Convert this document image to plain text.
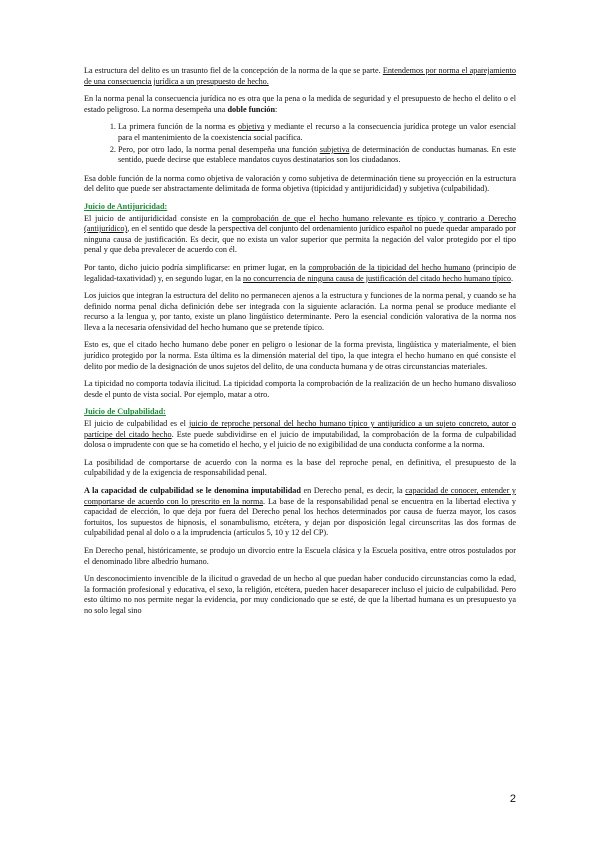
La estructura del delito es un trasunto fiel de la concepción de la norma de la que se parte. Entendemos por norma el aparejamiento de una consecuencia jurídica a un presupuesto de hecho.

En la norma penal la consecuencia jurídica no es otra que la pena o la medida de seguridad y el presupuesto de hecho el delito o el estado peligroso. La norma desempeña una doble función:

1. La primera función de la norma es objetiva y mediante el recurso a la consecuencia jurídica protege un valor esencial para el mantenimiento de la coexistencia social pacífica.
2. Pero, por otro lado, la norma penal desempeña una función subjetiva de determinación de conductas humanas. En este sentido, puede decirse que establece mandatos cuyos destinatarios son los ciudadanos.

Esa doble función de la norma como objetiva de valoración y como subjetiva de determinación tiene su proyección en la estructura del delito que puede ser abstractamente delimitada de forma objetiva (tipicidad y antijuridicidad) y subjetiva (culpabilidad).

Juicio de Antijuricidad:

El juicio de antijuridicidad consiste en la comprobación de que el hecho humano relevante es típico y contrario a Derecho (antijurídico), en el sentido que desde la perspectiva del conjunto del ordenamiento jurídico español no puede quedar amparado por ninguna causa de justificación. Es decir, que no exista un valor superior que permita la negación del valor protegido por el tipo penal y que deba prevalecer de acuerdo con él.

Por tanto, dicho juicio podría simplificarse: en primer lugar, en la comprobación de la tipicidad del hecho humano (principio de legalidad-taxatividad) y, en segundo lugar, en la no concurrencia de ninguna causa de justificación del citado hecho humano típico.

Los juicios que integran la estructura del delito no permanecen ajenos a la estructura y funciones de la norma penal, y cuando se ha definido norma penal dicha definición debe ser integrada con la siguiente aclaración. La norma penal se produce mediante el recurso a la lengua y, por tanto, existe un plano lingüístico determinante. Pero la esencial condición valorativa de la norma nos lleva a la necesaria ofensividad del hecho humano que se pretende típico.

Esto es, que el citado hecho humano debe poner en peligro o lesionar de la forma prevista, lingüística y materialmente, el bien jurídico protegido por la norma. Esta última es la dimensión material del tipo, la que integra el hecho humano en qué consiste el delito por medio de la designación de unos sujetos del delito, de una conducta humana y de otras circunstancias materiales.

La tipicidad no comporta todavía ilicitud. La tipicidad comporta la comprobación de la realización de un hecho humano disvalioso desde el punto de vista social. Por ejemplo, matar a otro.

Juicio de Culpabilidad:

El juicio de culpabilidad es el juicio de reproche personal del hecho humano típico y antijurídico a un sujeto concreto, autor o partícipe del citado hecho. Este puede subdividirse en el juicio de imputabilidad, la comprobación de la forma de culpabilidad dolosa o imprudente con que se ha cometido el hecho, y el juicio de no exigibilidad de una conducta conforme a la norma.

La posibilidad de comportarse de acuerdo con la norma es la base del reproche penal, en definitiva, el presupuesto de la culpabilidad y de la exigencia de responsabilidad penal.

A la capacidad de culpabilidad se le denomina imputabilidad en Derecho penal, es decir, la capacidad de conocer, entender y comportarse de acuerdo con lo prescrito en la norma. La base de la responsabilidad penal se encuentra en la libertad electiva y capacidad de elección, lo que deja por fuera del Derecho penal los hechos determinados por causa de fuerza mayor, los casos fortuitos, los supuestos de hipnosis, el sonambulismo, etcétera, y dejan por disposición legal circunscritas las dos formas de culpabilidad penal al dolo o a la imprudencia (artículos 5, 10 y 12 del CP).

En Derecho penal, históricamente, se produjo un divorcio entre la Escuela clásica y la Escuela positiva, entre otros postulados por el denominado libre albedrío humano.

Un desconocimiento invencible de la ilicitud o gravedad de un hecho al que puedan haber conducido circunstancias como la edad, la formación profesional y educativa, el sexo, la religión, etcétera, pueden hacer desaparecer incluso el juicio de culpabilidad. Pero esto último no nos permite negar la evidencia, por muy condicionado que se esté, de que la libertad humana es un presupuesto ya no solo legal sino

2
